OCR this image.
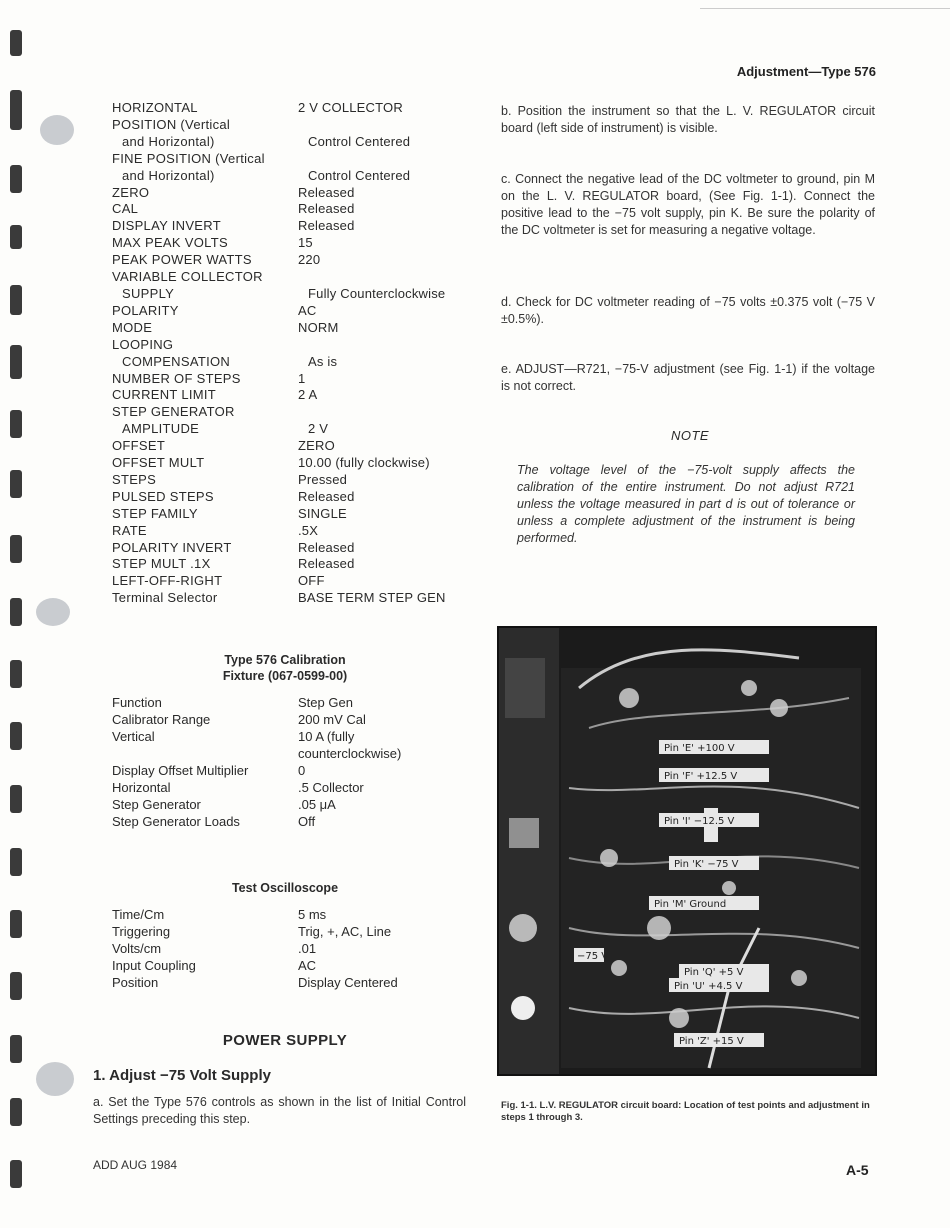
Adjustment—Type 576
HORIZONTAL	2 V COLLECTOR
POSITION (Vertical
and Horizontal)	Control Centered
FINE POSITION (Vertical
and Horizontal)	Control Centered
ZERO	Released
CAL	Released
DISPLAY INVERT	Released
MAX PEAK VOLTS	15
PEAK POWER WATTS	220
VARIABLE COLLECTOR
SUPPLY	Fully Counterclockwise
POLARITY	AC
MODE	NORM
LOOPING
COMPENSATION	As is
NUMBER OF STEPS	1
CURRENT LIMIT	2 A
STEP GENERATOR
AMPLITUDE	2 V
OFFSET	ZERO
OFFSET MULT	10.00 (fully clockwise)
STEPS	Pressed
PULSED STEPS	Released
STEP FAMILY	SINGLE
RATE	.5X
POLARITY INVERT	Released
STEP MULT .1X	Released
LEFT-OFF-RIGHT	OFF
Terminal Selector	BASE TERM STEP GEN
Type 576 Calibration
Fixture (067-0599-00)
Function	Step Gen
Calibrator Range	200 mV Cal
Vertical	10 A (fully
counterclockwise)
Display Offset Multiplier	0
Horizontal	.5 Collector
Step Generator	.05 μA
Step Generator Loads	Off
Test Oscilloscope
Time/Cm	5 ms
Triggering	Trig, +, AC, Line
Volts/cm	.01
Input Coupling	AC
Position	Display Centered
POWER SUPPLY
1. Adjust −75 Volt Supply
a. Set the Type 576 controls as shown in the list of Initial Control Settings preceding this step.
b. Position the instrument so that the L. V. REGULATOR circuit board (left side of instrument) is visible.
c. Connect the negative lead of the DC voltmeter to ground, pin M on the L. V. REGULATOR board, (See Fig. 1-1). Connect the positive lead to the −75 volt supply, pin K. Be sure the polarity of the DC voltmeter is set for measuring a negative voltage.
d. Check for DC voltmeter reading of −75 volts ±0.375 volt (−75 V ±0.5%).
e. ADJUST—R721, −75-V adjustment (see Fig. 1-1) if the voltage is not correct.
NOTE
The voltage level of the −75-volt supply affects the calibration of the entire instrument. Do not adjust R721 unless the voltage measured in part d is out of tolerance or unless a complete adjustment of the instrument is being performed.
Pin 'E' +100 V
Pin 'F' +12.5 V
Pin 'I' −12.5 V
Pin 'K' −75 V
Pin 'M' Ground
−75 V
Pin 'Q' +5 V
Pin 'U' +4.5 V
Pin 'Z' +15 V
Fig. 1-1. L.V. REGULATOR circuit board: Location of test points and adjustment in steps 1 through 3.
ADD AUG 1984	A-5
